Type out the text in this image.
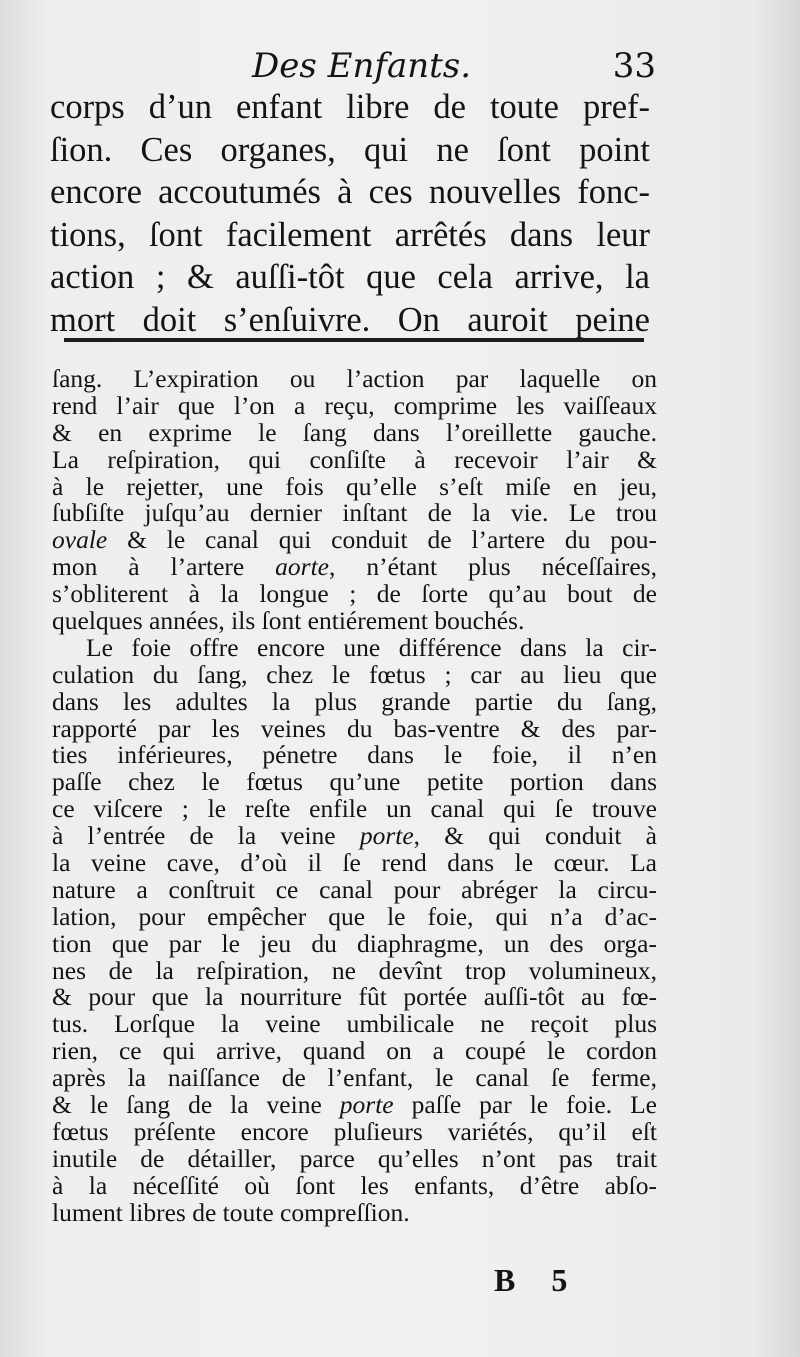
Des Enfants.	33
corps d’un enfant libre de toute pref-
ſion. Ces organes, qui ne ſont point
encore accoutumés à ces nouvelles fonc-
tions, ſont facilement arrêtés dans leur
action ; & auſſi-tôt que cela arrive, la
mort doit s’enſuivre. On auroit peine
ſang. L’expiration ou l’action par laquelle on
rend l’air que l’on a reçu, comprime les vaiſſeaux
& en exprime le ſang dans l’oreillette gauche.
La reſpiration, qui conſiſte à recevoir l’air &
à le rejetter, une fois qu’elle s’eſt miſe en jeu,
ſubſiſte juſqu’au dernier inſtant de la vie. Le trou
ovale & le canal qui conduit de l’artere du pou-
mon à l’artere aorte, n’étant plus néceſſaires,
s’obliterent à la longue ; de ſorte qu’au bout de
quelques années, ils ſont entiérement bouchés.
Le foie offre encore une différence dans la cir-
culation du ſang, chez le fœtus ; car au lieu que
dans les adultes la plus grande partie du ſang,
rapporté par les veines du bas-ventre & des par-
ties inférieures, pénetre dans le foie, il n’en
paſſe chez le fœtus qu’une petite portion dans
ce viſcere ; le reſte enfile un canal qui ſe trouve
à l’entrée de la veine porte, & qui conduit à
la veine cave, d’où il ſe rend dans le cœur. La
nature a conſtruit ce canal pour abréger la circu-
lation, pour empêcher que le foie, qui n’a d’ac-
tion que par le jeu du diaphragme, un des orga-
nes de la reſpiration, ne devînt trop volumineux,
& pour que la nourriture fût portée auſſi-tôt au fœ-
tus. Lorſque la veine umbilicale ne reçoit plus
rien, ce qui arrive, quand on a coupé le cordon
après la naiſſance de l’enfant, le canal ſe ferme,
& le ſang de la veine porte paſſe par le foie. Le
fœtus préſente encore pluſieurs variétés, qu’il eſt
inutile de détailler, parce qu’elles n’ont pas trait
à la néceſſité où ſont les enfants, d’être abſo-
lument libres de toute compreſſion.
B 5
